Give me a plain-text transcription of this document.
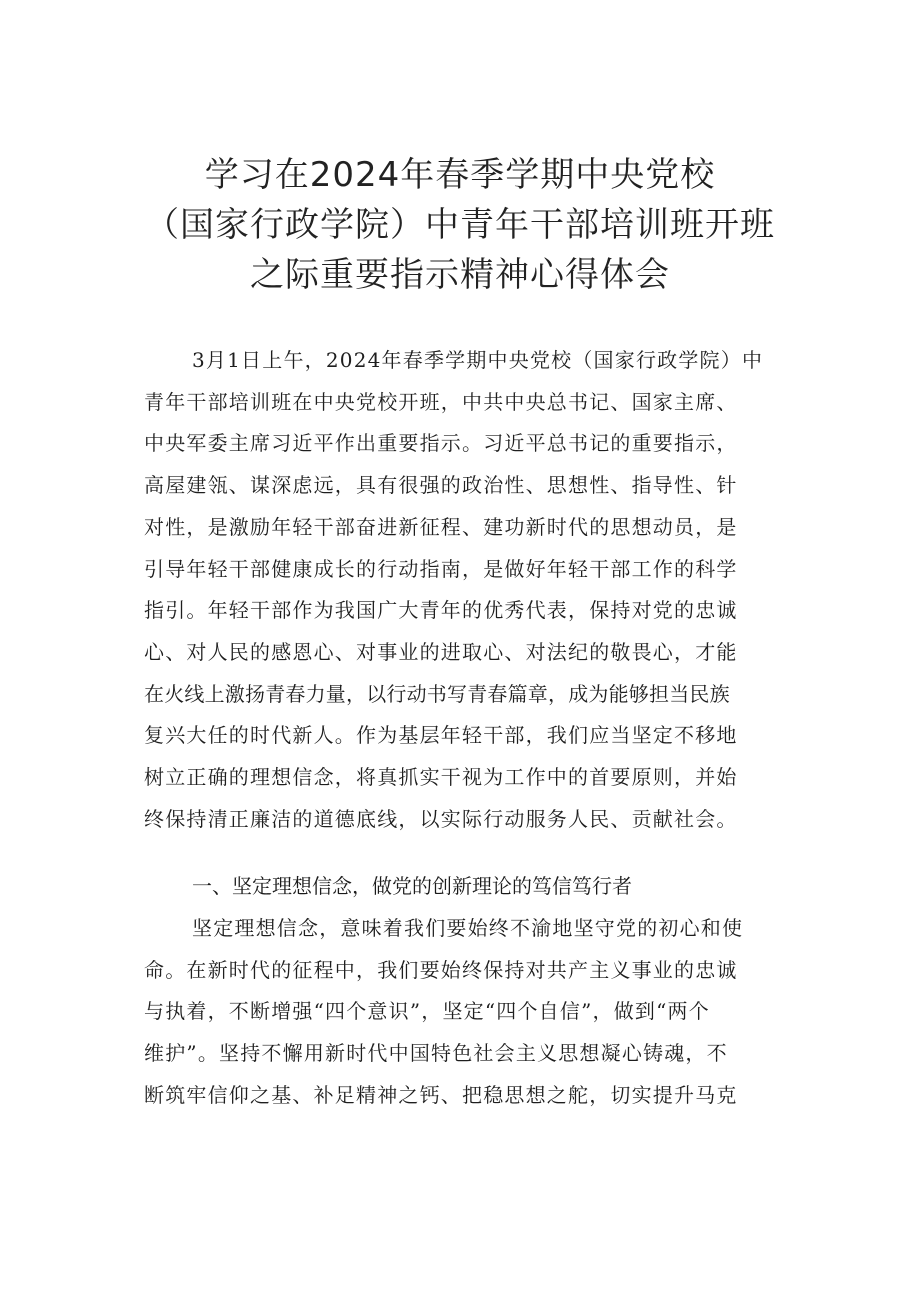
学习在2024年春季学期中央党校
（国家行政学院）中青年干部培训班开班
之际重要指示精神心得体会
3月1日上午，2024年春季学期中央党校（国家行政学院）中
青年干部培训班在中央党校开班，中共中央总书记、国家主席、
中央军委主席习近平作出重要指示。习近平总书记的重要指示，
高屋建瓴、谋深虑远，具有很强的政治性、思想性、指导性、针
对性，是激励年轻干部奋进新征程、建功新时代的思想动员，是
引导年轻干部健康成长的行动指南，是做好年轻干部工作的科学
指引。年轻干部作为我国广大青年的优秀代表，保持对党的忠诚
心、对人民的感恩心、对事业的进取心、对法纪的敬畏心，才能
在火线上激扬青春力量，以行动书写青春篇章，成为能够担当民族
复兴大任的时代新人。作为基层年轻干部，我们应当坚定不移地
树立正确的理想信念，将真抓实干视为工作中的首要原则，并始
终保持清正廉洁的道德底线，以实际行动服务人民、贡献社会。
一、坚定理想信念，做党的创新理论的笃信笃行者
坚定理想信念，意味着我们要始终不渝地坚守党的初心和使
命。在新时代的征程中，我们要始终保持对共产主义事业的忠诚
与执着，不断增强“四个意识”，坚定“四个自信”，做到“两个
维护”。坚持不懈用新时代中国特色社会主义思想凝心铸魂，不
断筑牢信仰之基、补足精神之钙、把稳思想之舵，切实提升马克
